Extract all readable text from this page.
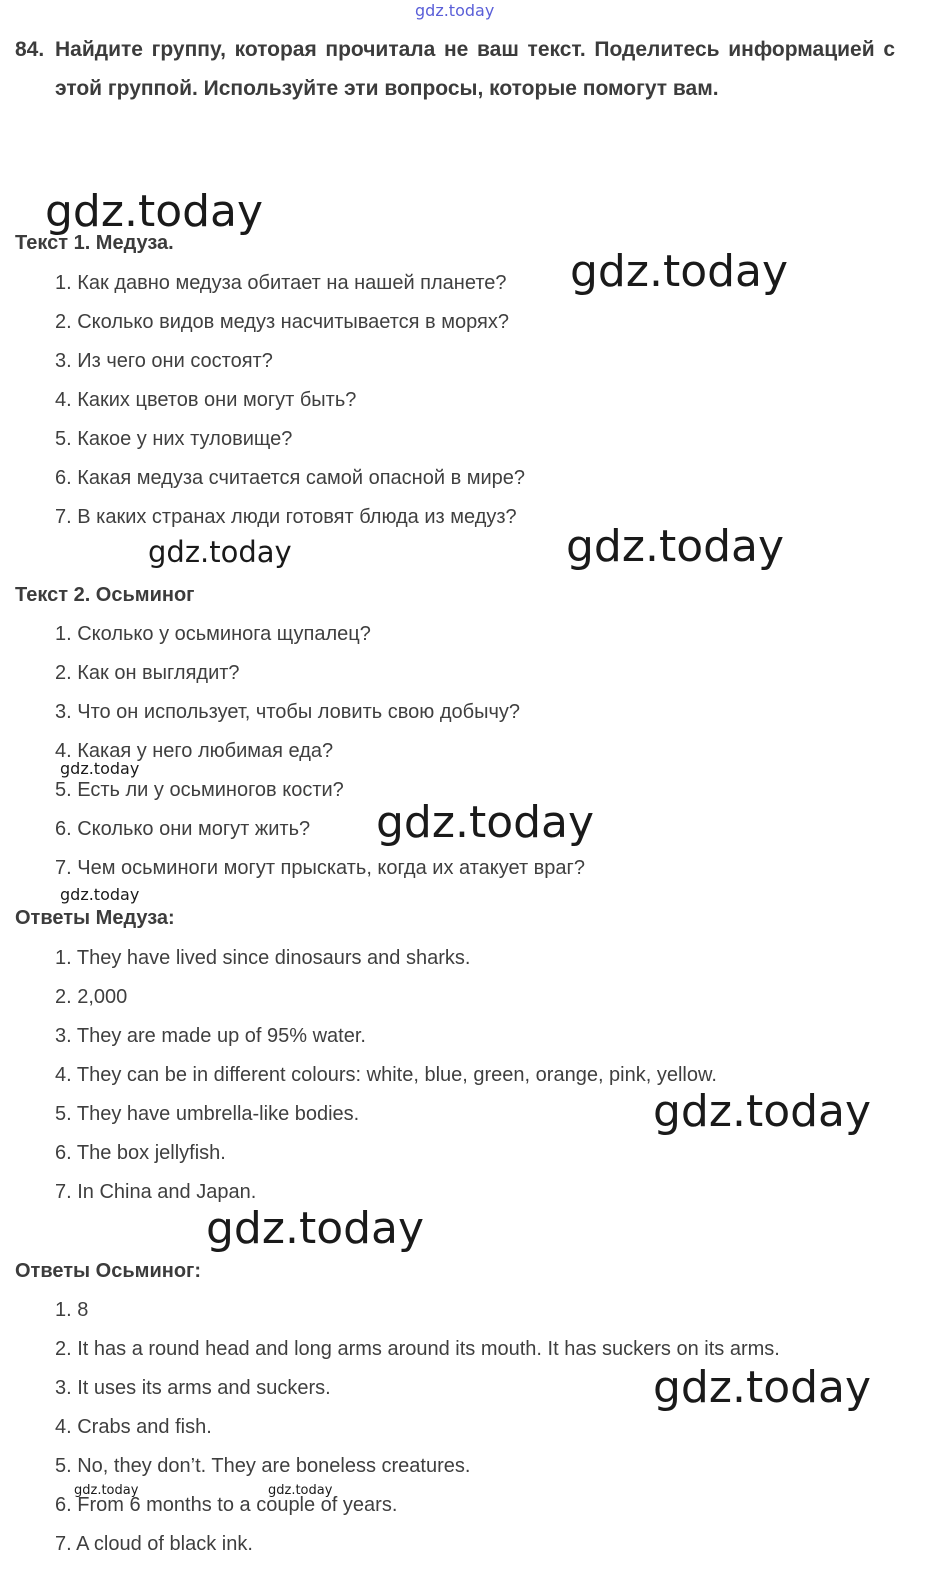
gdz.today
gdz.today
gdz.today
gdz.today	gdz.today
gdz.today
gdz.today
gdz.today
gdz.today
gdz.today
gdz.today
gdz.today	gdz.today
84. Найдите группу, которая прочитала не ваш текст. Поделитесь информацией с этой группой. Используйте эти вопросы, которые помогут вам.
Текст 1. Медуза.
1. Как давно медуза обитает на нашей планете?
2. Сколько видов медуз насчитывается в морях?
3. Из чего они состоят?
4. Каких цветов они могут быть?
5. Какое у них туловище?
6. Какая медуза считается самой опасной в мире?
7. В каких странах люди готовят блюда из медуз?
Текст 2. Осьминог
1. Сколько у осьминога щупалец?
2. Как он выглядит?
3. Что он использует, чтобы ловить свою добычу?
4. Какая у него любимая еда?
5. Есть ли у осьминогов кости?
6. Сколько они могут жить?
7. Чем осьминоги могут прыскать, когда их атакует враг?
Ответы Медуза:
1. They have lived since dinosaurs and sharks.
2. 2,000
3. They are made up of 95% water.
4. They can be in different colours: white, blue, green, orange, pink, yellow.
5. They have umbrella-like bodies.
6. The box jellyfish.
7. In China and Japan.
Ответы Осьминог:
1. 8
2. It has a round head and long arms around its mouth. It has suckers on its arms.
3. It uses its arms and suckers.
4. Crabs and fish.
5. No, they don’t. They are boneless creatures.
6. From 6 months to a couple of years.
7. A cloud of black ink.
